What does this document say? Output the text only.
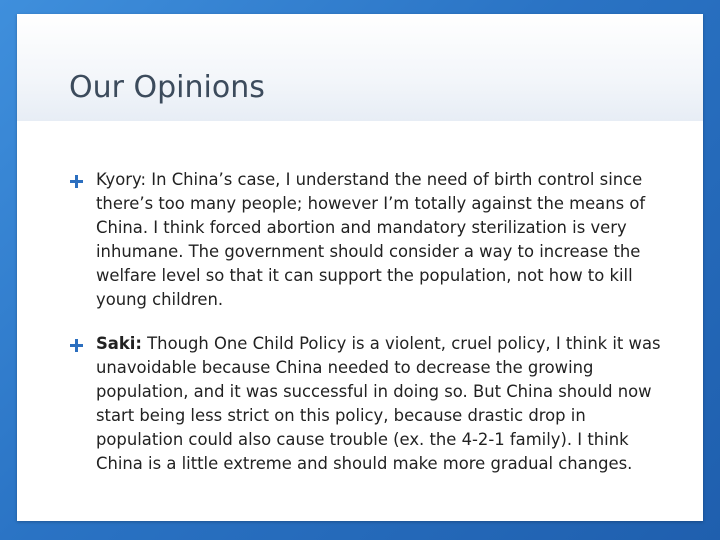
Our Opinions
Kyory: In China’s case, I understand the need of birth control since there’s too many people; however I’m totally against the means of China. I think forced abortion and mandatory sterilization is very inhumane. The government should consider a way to increase the welfare level so that it can support the population, not how to kill young children.
Saki: Though One Child Policy is a violent, cruel policy, I think it was unavoidable because China needed to decrease the growing population, and it was successful in doing so. But China should now start being less strict on this policy, because drastic drop in population could also cause trouble (ex. the 4-2-1 family). I think China is a little extreme and should make more gradual changes.
